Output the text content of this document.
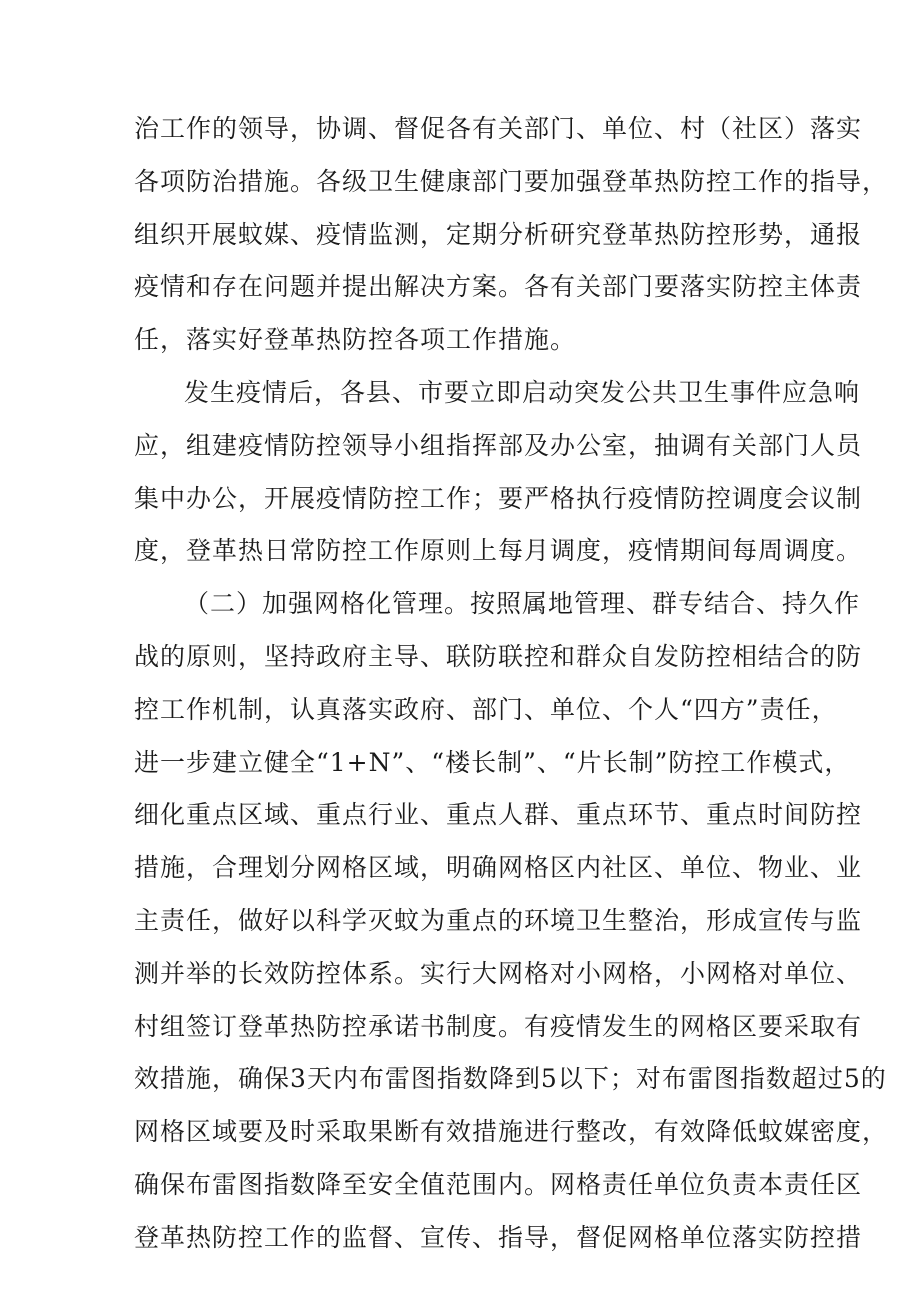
治工作的领导，协调、督促各有关部门、单位、村（社区）落实
各项防治措施。各级卫生健康部门要加强登革热防控工作的指导，
组织开展蚊媒、疫情监测，定期分析研究登革热防控形势，通报
疫情和存在问题并提出解决方案。各有关部门要落实防控主体责
任，落实好登革热防控各项工作措施。
发生疫情后，各县、市要立即启动突发公共卫生事件应急响
应，组建疫情防控领导小组指挥部及办公室，抽调有关部门人员
集中办公，开展疫情防控工作；要严格执行疫情防控调度会议制
度，登革热日常防控工作原则上每月调度，疫情期间每周调度。
（二）加强网格化管理。按照属地管理、群专结合、持久作
战的原则，坚持政府主导、联防联控和群众自发防控相结合的防
控工作机制，认真落实政府、部门、单位、个人“四方”责任，
进一步建立健全“1+N”、“楼长制”、“片长制”防控工作模式，
细化重点区域、重点行业、重点人群、重点环节、重点时间防控
措施，合理划分网格区域，明确网格区内社区、单位、物业、业
主责任，做好以科学灭蚊为重点的环境卫生整治，形成宣传与监
测并举的长效防控体系。实行大网格对小网格，小网格对单位、
村组签订登革热防控承诺书制度。有疫情发生的网格区要采取有
效措施，确保3天内布雷图指数降到5以下；对布雷图指数超过5的
网格区域要及时采取果断有效措施进行整改，有效降低蚊媒密度，
确保布雷图指数降至安全值范围内。网格责任单位负责本责任区
登革热防控工作的监督、宣传、指导，督促网格单位落实防控措
